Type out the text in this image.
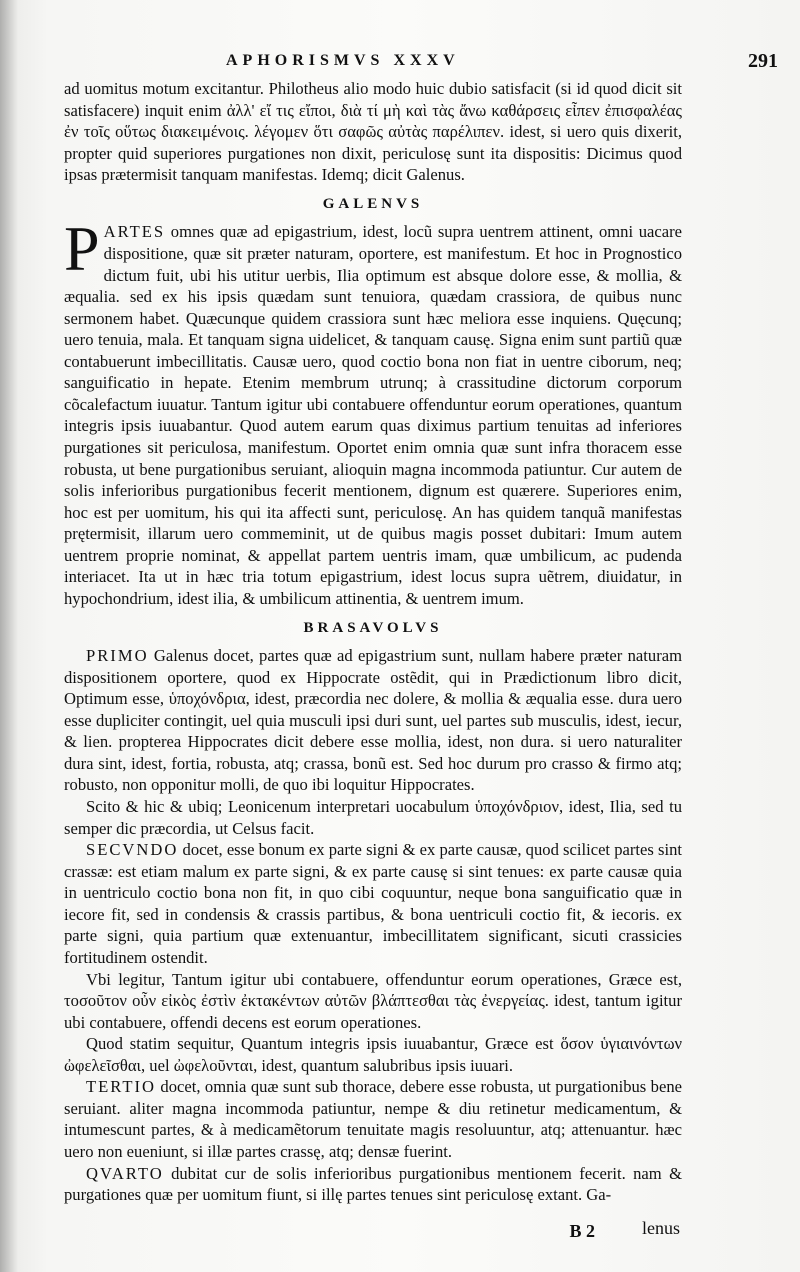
APHORISMVS XXXV	291

ad uomitus motum excitantur. Philotheus alio modo huic dubio satisfacit (si id quod dicit sit satisfacere) inquit enim ἀλλ' εἴ τις εἴποι, διὰ τί μὴ καὶ τὰς ἄνω καθάρσεις εἶπεν ἐπισφαλέας ἐν τοῖς οὕτως διακειμένοις. λέγομεν ὅτι σαφῶς αὐτὰς παρέλιπεν. idest, si uero quis dixerit, propter quid superiores purgationes non dixit, periculosę sunt ita dispositis: Dicimus quod ipsas prætermisit tanquam manifestas. Idemq; dicit Galenus.

GALENVS

PARTES omnes quæ ad epigastrium, idest, locũ supra uentrem attinent, omni uacare dispositione, quæ sit præter naturam, oportere, est manifestum. Et hoc in Prognostico dictum fuit, ubi his utitur uerbis, Ilia optimum est absque dolore esse, & mollia, & æqualia. sed ex his ipsis quædam sunt tenuiora, quædam crassiora, de quibus nunc sermonem habet. Quæcunque quidem crassiora sunt hæc meliora esse inquiens. Quęcunq; uero tenuia, mala. Et tanquam signa uidelicet, & tanquam causę. Signa enim sunt partiũ quæ contabuerunt imbecillitatis. Causæ uero, quod coctio bona non fiat in uentre ciborum, neq; sanguificatio in hepate. Etenim membrum utrunq; à crassitudine dictorum corporum cõcalefactum iuuatur. Tantum igitur ubi contabuere offenduntur eorum operationes, quantum integris ipsis iuuabantur. Quod autem earum quas diximus partium tenuitas ad inferiores purgationes sit periculosa, manifestum. Oportet enim omnia quæ sunt infra thoracem esse robusta, ut bene purgationibus seruiant, alioquin magna incommoda patiuntur. Cur autem de solis inferioribus purgationibus fecerit mentionem, dignum est quærere. Superiores enim, hoc est per uomitum, his qui ita affecti sunt, periculosę. An has quidem tanquã manifestas prętermisit, illarum uero commeminit, ut de quibus magis posset dubitari: Imum autem uentrem proprie nominat, & appellat partem uentris imam, quæ umbilicum, ac pudenda interiacet. Ita ut in hæc tria totum epigastrium, idest locus supra uẽtrem, diuidatur, in hypochondrium, idest ilia, & umbilicum attinentia, & uentrem imum.

BRASAVOLVS

PRIMO Galenus docet, partes quæ ad epigastrium sunt, nullam habere præter naturam dispositionem oportere, quod ex Hippocrate ostẽdit, qui in Prædictionum libro dicit, Optimum esse, ὑποχόνδρια, idest, præcordia nec dolere, & mollia & æqualia esse. dura uero esse dupliciter contingit, uel quia musculi ipsi duri sunt, uel partes sub musculis, idest, iecur, & lien. propterea Hippocrates dicit debere esse mollia, idest, non dura. si uero naturaliter dura sint, idest, fortia, robusta, atq; crassa, bonũ est. Sed hoc durum pro crasso & firmo atq; robusto, non opponitur molli, de quo ibi loquitur Hippocrates.

Scito & hic & ubiq; Leonicenum interpretari uocabulum ὑποχόνδριον, idest, Ilia, sed tu semper dic præcordia, ut Celsus facit.

SECVNDO docet, esse bonum ex parte signi & ex parte causæ, quod scilicet partes sint crassæ: est etiam malum ex parte signi, & ex parte causę si sint tenues: ex parte causæ quia in uentriculo coctio bona non fit, in quo cibi coquuntur, neque bona sanguificatio quæ in iecore fit, sed in condensis & crassis partibus, & bona uentriculi coctio fit, & iecoris. ex parte signi, quia partium quæ extenuantur, imbecillitatem significant, sicuti crassicies fortitudinem ostendit.

Vbi legitur, Tantum igitur ubi contabuere, offenduntur eorum operationes, Græce est, τοσοῦτον οὖν εἰκὸς ἐστὶν ἐκτακέντων αὐτῶν βλάπτεσθαι τὰς ἐνεργείας. idest, tantum igitur ubi contabuere, offendi decens est eorum operationes.

Quod statim sequitur, Quantum integris ipsis iuuabantur, Græce est ὅσον ὑγιαινόντων ὠφελεῖσθαι, uel ὠφελοῦνται, idest, quantum salubribus ipsis iuuari.

TERTIO docet, omnia quæ sunt sub thorace, debere esse robusta, ut purgationibus bene seruiant. aliter magna incommoda patiuntur, nempe & diu retinetur medicamentum, & intumescunt partes, & à medicamẽtorum tenuitate magis resoluuntur, atq; attenuantur. hæc uero non eueniunt, si illæ partes crassę, atq; densæ fuerint.

QVARTO dubitat cur de solis inferioribus purgationibus mentionem fecerit. nam & purgationes quæ per uomitum fiunt, si illę partes tenues sint periculosę extant. Ga-

B 2	lenus
